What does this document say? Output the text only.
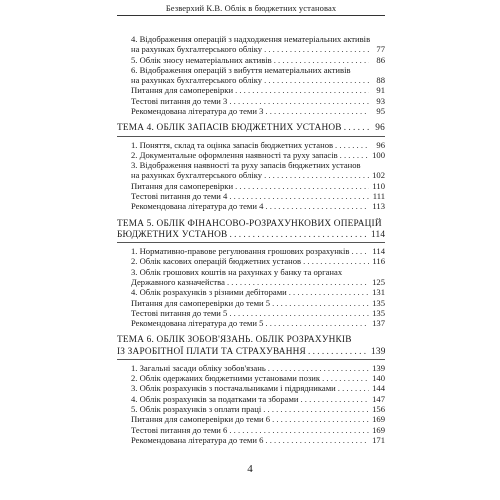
Безверхий К.В. Облік в бюджетних установах
4. Відображення операцій з надходження нематеріальних активів
на рахунках бухгалтерського обліку . . .	77
5. Облік зносу нематеріальних активів . . .	86
6. Відображення операцій з вибуття нематеріальних активів
на рахунках бухгалтерського обліку . . .	88
Питання для самоперевірки . . .	91
Тестові питання до теми 3 . . .	93
Рекомендована література до теми 3 . . .	95
ТЕМА 4. ОБЛІК ЗАПАСІВ БЮДЖЕТНИХ УСТАНОВ . . .	96
1. Поняття, склад та оцінка запасів бюджетних установ . . .	96
2. Документальне оформлення наявності та руху запасів . . .	100
3. Відображення наявності та руху запасів бюджетних установ
на рахунках бухгалтерського обліку . . .	102
Питання для самоперевірки . . .	110
Тестові питання до теми 4 . . .	111
Рекомендована література до теми 4 . . .	113
ТЕМА 5. ОБЛІК ФІНАНСОВО-РОЗРАХУНКОВИХ ОПЕРАЦІЙ
БЮДЖЕТНИХ УСТАНОВ . . .	114
1. Нормативно-правове регулювання грошових розрахунків . . .	114
2. Облік касових операцій бюджетних установ . . .	116
3. Облік грошових коштів на рахунках у банку та органах
Державного казначейства . . .	125
4. Облік розрахунків з різними дебіторами . . .	131
Питання для самоперевірки до теми 5 . . .	135
Тестові питання до теми 5 . . .	135
Рекомендована література до теми 5 . . .	137
ТЕМА 6. ОБЛІК ЗОБОВ'ЯЗАНЬ. ОБЛІК РОЗРАХУНКІВ
ІЗ ЗАРОБІТНОЇ ПЛАТИ ТА СТРАХУВАННЯ . . .	139
1. Загальні засади обліку зобов'язань . . .	139
2. Облік одержаних бюджетними установами позик . . .	140
3. Облік розрахунків з постачальниками і підрядниками . . .	144
4. Облік розрахунків за податками та зборами . . .	147
5. Облік розрахунків з оплати праці . . .	156
Питання для самоперевірки до теми 6 . . .	169
Тестові питання до теми 6 . . .	169
Рекомендована література до теми 6 . . .	171
4
